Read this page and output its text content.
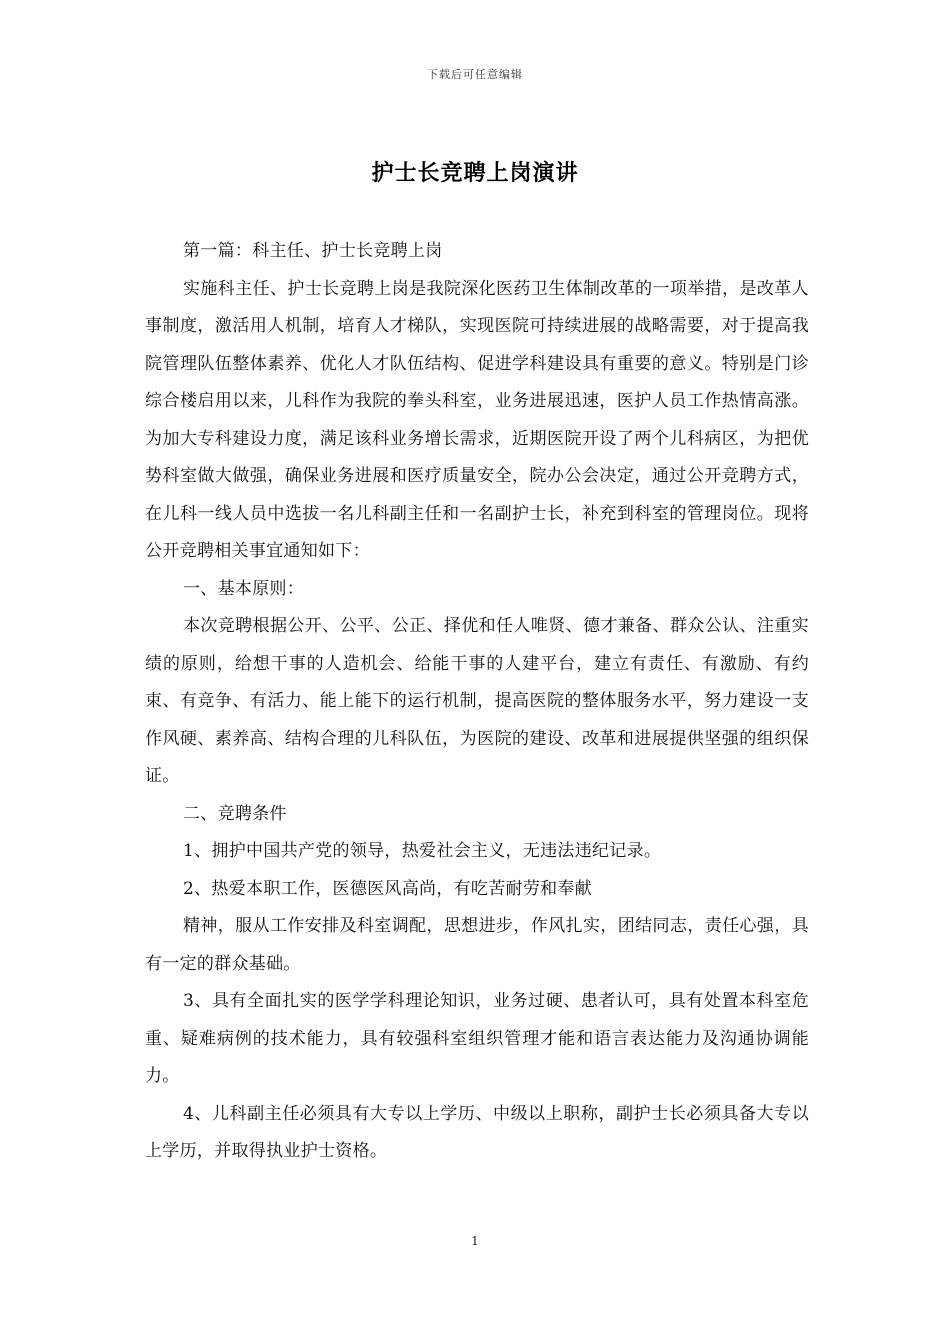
下载后可任意编辑
护士长竞聘上岗演讲

第一篇：科主任、护士长竞聘上岗

实施科主任、护士长竞聘上岗是我院深化医药卫生体制改革的一项举措，是改革人事制度，激活用人机制，培育人才梯队，实现医院可持续进展的战略需要，对于提高我院管理队伍整体素养、优化人才队伍结构、促进学科建设具有重要的意义。特别是门诊综合楼启用以来，儿科作为我院的拳头科室，业务进展迅速，医护人员工作热情高涨。为加大专科建设力度，满足该科业务增长需求，近期医院开设了两个儿科病区，为把优势科室做大做强，确保业务进展和医疗质量安全，院办公会决定，通过公开竞聘方式，在儿科一线人员中选拔一名儿科副主任和一名副护士长，补充到科室的管理岗位。现将公开竞聘相关事宜通知如下：

一、基本原则：

本次竞聘根据公开、公平、公正、择优和任人唯贤、德才兼备、群众公认、注重实绩的原则，给想干事的人造机会、给能干事的人建平台，建立有责任、有激励、有约束、有竞争、有活力、能上能下的运行机制，提高医院的整体服务水平，努力建设一支作风硬、素养高、结构合理的儿科队伍，为医院的建设、改革和进展提供坚强的组织保证。

二、竞聘条件

1、拥护中国共产党的领导，热爱社会主义，无违法违纪记录。

2、热爱本职工作，医德医风高尚，有吃苦耐劳和奉献

精神，服从工作安排及科室调配，思想进步，作风扎实，团结同志，责任心强，具有一定的群众基础。

3、具有全面扎实的医学学科理论知识，业务过硬、患者认可，具有处置本科室危重、疑难病例的技术能力，具有较强科室组织管理才能和语言表达能力及沟通协调能力。

4、儿科副主任必须具有大专以上学历、中级以上职称，副护士长必须具备大专以上学历，并取得执业护士资格。

1
